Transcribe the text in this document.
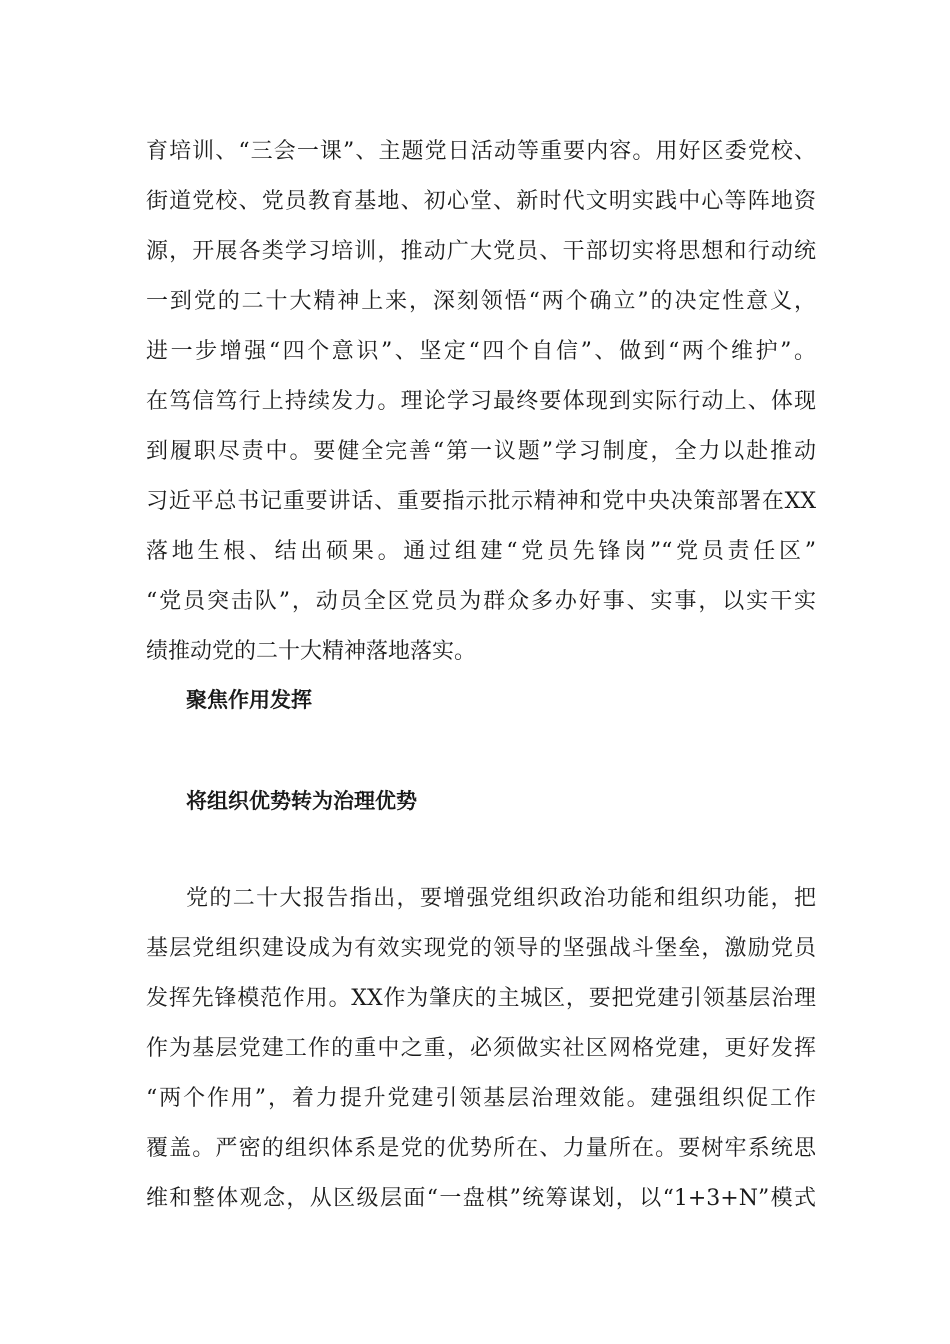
育培训、“三会一课”、主题党日活动等重要内容。用好区委党校、
街道党校、党员教育基地、初心堂、新时代文明实践中心等阵地资
源，开展各类学习培训，推动广大党员、干部切实将思想和行动统
一到党的二十大精神上来，深刻领悟“两个确立”的决定性意义，
进一步增强“四个意识”、坚定“四个自信”、做到“两个维护”。
在笃信笃行上持续发力。理论学习最终要体现到实际行动上、体现
到履职尽责中。要健全完善“第一议题”学习制度，全力以赴推动
习近平总书记重要讲话、重要指示批示精神和党中央决策部署在XX
落地生根、结出硕果。通过组建“党员先锋岗”“党员责任区”
“党员突击队”，动员全区党员为群众多办好事、实事，以实干实
绩推动党的二十大精神落地落实。
聚焦作用发挥
将组织优势转为治理优势
党的二十大报告指出，要增强党组织政治功能和组织功能，把
基层党组织建设成为有效实现党的领导的坚强战斗堡垒，激励党员
发挥先锋模范作用。XX作为肇庆的主城区，要把党建引领基层治理
作为基层党建工作的重中之重，必须做实社区网格党建，更好发挥
“两个作用”，着力提升党建引领基层治理效能。建强组织促工作
覆盖。严密的组织体系是党的优势所在、力量所在。要树牢系统思
维和整体观念，从区级层面“一盘棋”统筹谋划，以“1+3+N”模式
